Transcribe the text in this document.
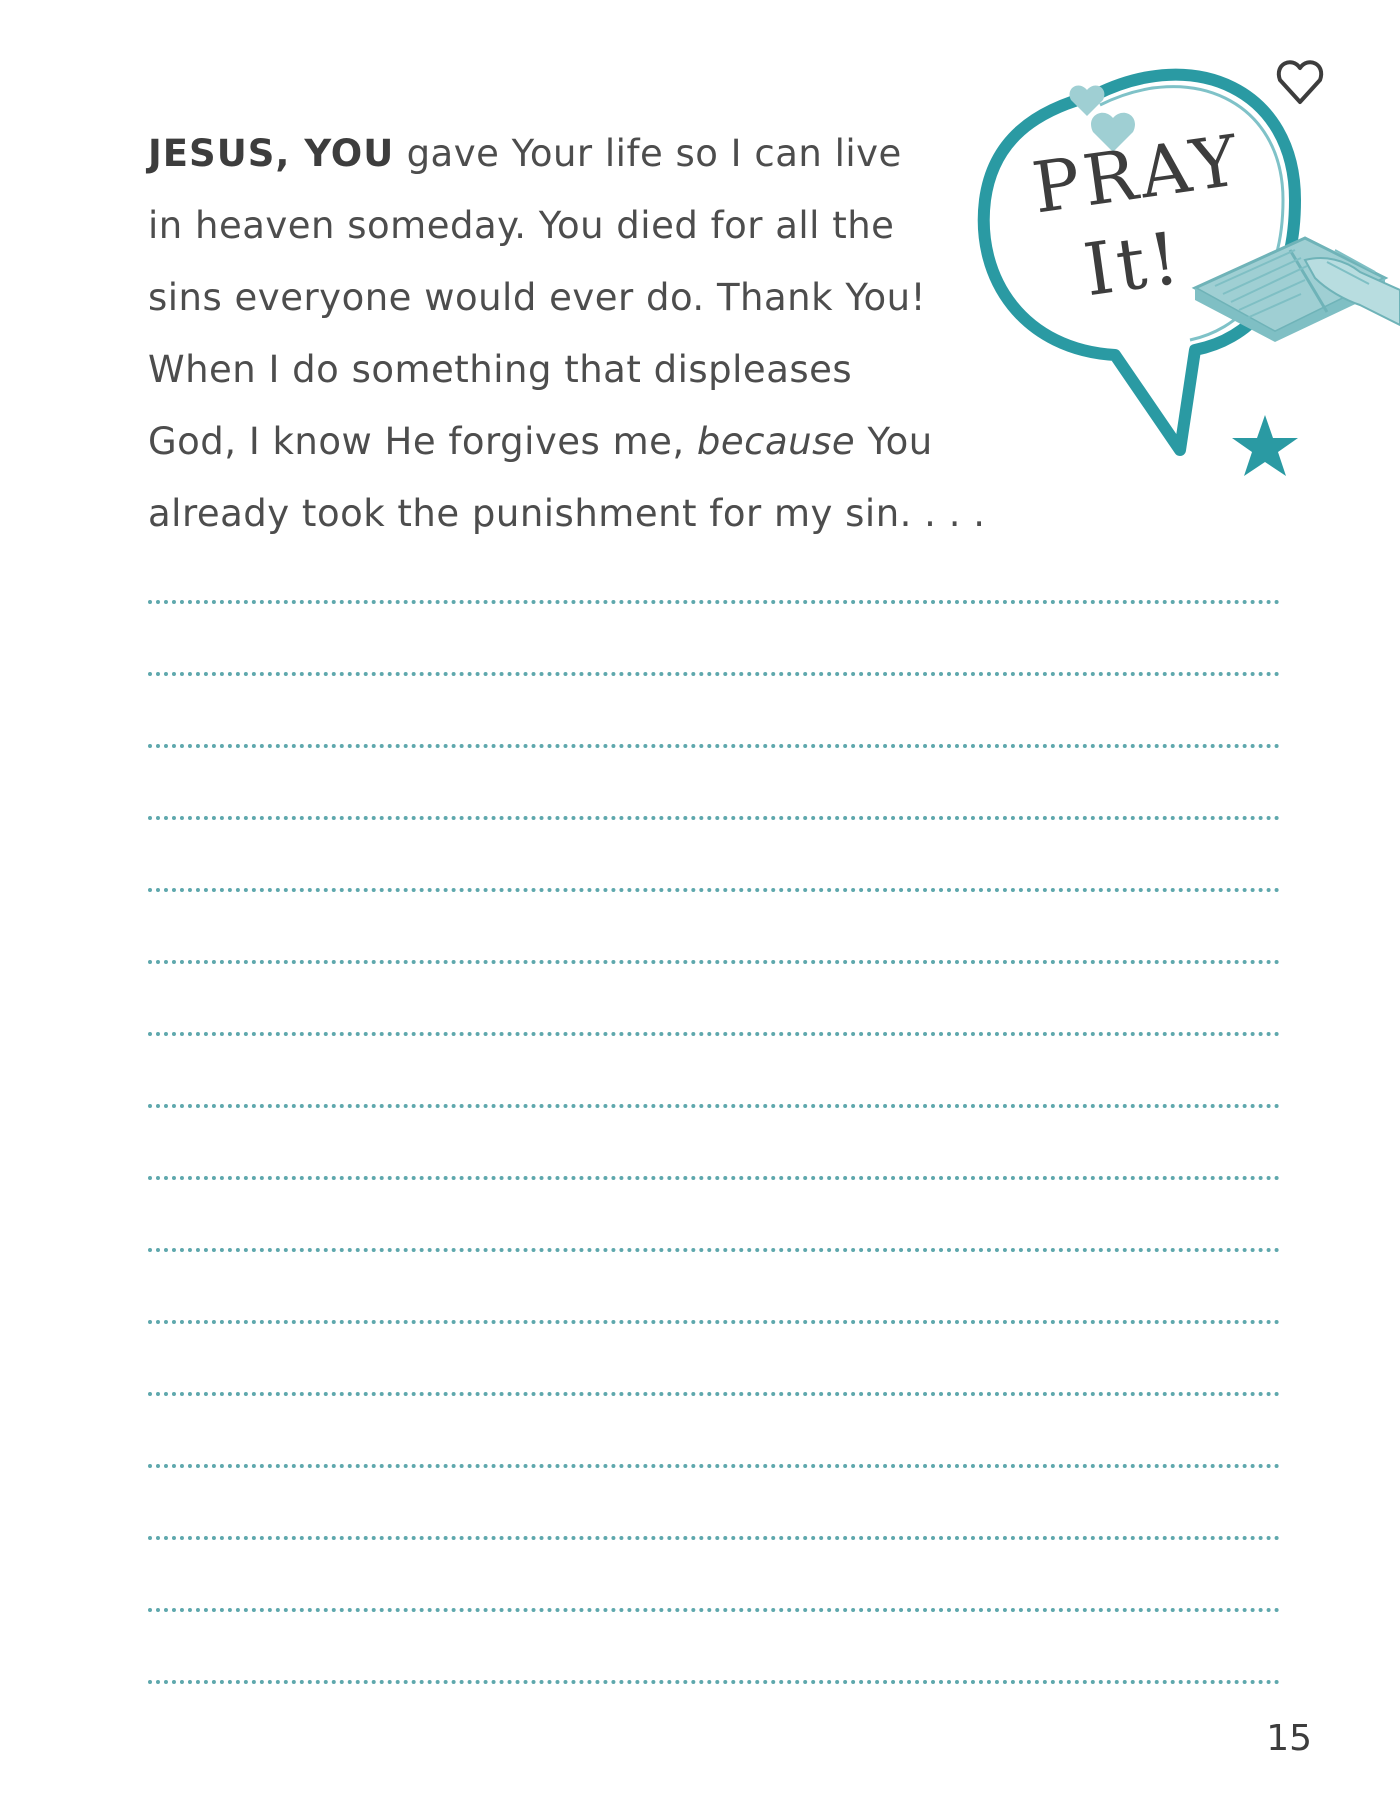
JESUS, YOU gave Your life so I can live
in heaven someday. You died for all the
sins everyone would ever do. Thank You!
When I do something that displeases
God, I know He forgives me, because You
already took the punishment for my sin. . . .
PRAY
It!
15
